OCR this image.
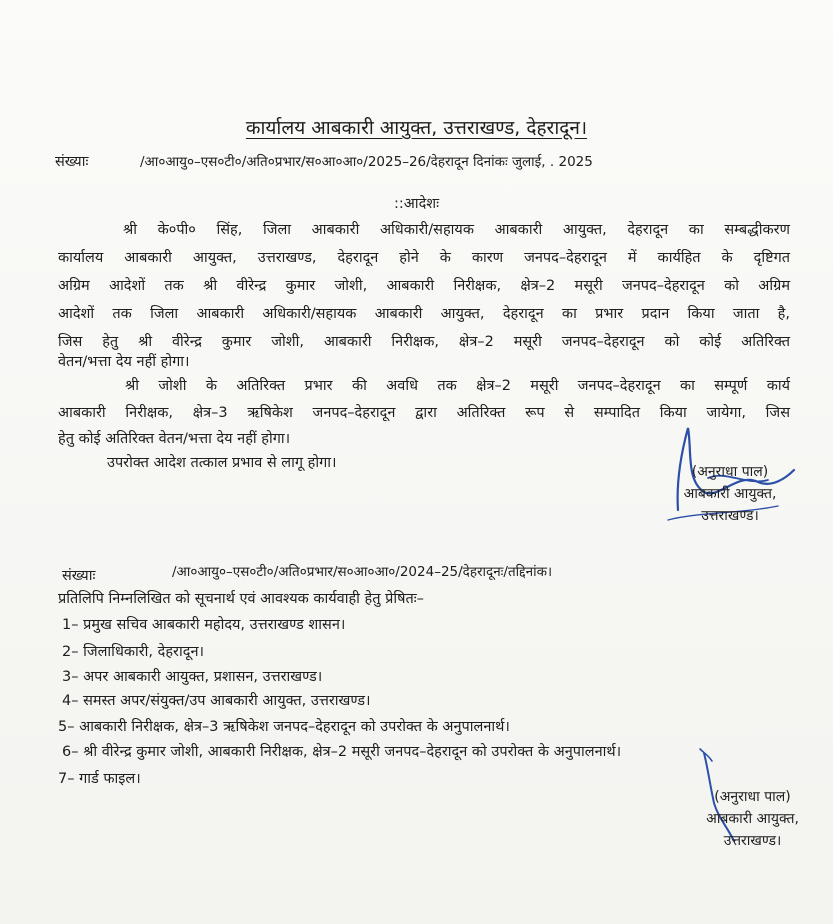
कार्यालय आबकारी आयुक्त, उत्तराखण्ड, देहरादून।
संख्याः	/आ०आयु०–एस०टी०/अति०प्रभार/स०आ०आ०/2025–26/देहरादून दिनांकः जुलाई, . 2025
::आदेशः
श्री के०पी० सिंह, जिला आबकारी अधिकारी/सहायक आबकारी आयुक्त, देहरादून का सम्बद्धीकरण
कार्यालय आबकारी आयुक्त, उत्तराखण्ड, देहरादून होने के कारण जनपद–देहरादून में कार्यहित के दृष्टिगत
अग्रिम आदेशों तक श्री वीरेन्द्र कुमार जोशी, आबकारी निरीक्षक, क्षेत्र–2 मसूरी जनपद–देहरादून को अग्रिम
आदेशों तक जिला आबकारी अधिकारी/सहायक आबकारी आयुक्त, देहरादून का प्रभार प्रदान किया जाता है,
जिस हेतु श्री वीरेन्द्र कुमार जोशी, आबकारी निरीक्षक, क्षेत्र–2 मसूरी जनपद–देहरादून को कोई अतिरिक्त
वेतन/भत्ता देय नहीं होगा।
श्री जोशी के अतिरिक्त प्रभार की अवधि तक क्षेत्र–2 मसूरी जनपद–देहरादून का सम्पूर्ण कार्य
आबकारी निरीक्षक, क्षेत्र–3 ऋषिकेश जनपद–देहरादून द्वारा अतिरिक्त रूप से सम्पादित किया जायेगा, जिस
हेतु कोई अतिरिक्त वेतन/भत्ता देय नहीं होगा।
उपरोक्त आदेश तत्काल प्रभाव से लागू होगा।
(अनुराधा पाल)
आबकारी आयुक्त,
उत्तराखण्ड।
संख्याः	/आ०आयु०–एस०टी०/अति०प्रभार/स०आ०आ०/2024–25/देहरादूनः/तद्दिनांक।
प्रतिलिपि निम्नलिखित को सूचनार्थ एवं आवश्यक कार्यवाही हेतु प्रेषितः–
1– प्रमुख सचिव आबकारी महोदय, उत्तराखण्ड शासन।
2– जिलाधिकारी, देहरादून।
3– अपर आबकारी आयुक्त, प्रशासन, उत्तराखण्ड।
4– समस्त अपर/संयुक्त/उप आबकारी आयुक्त, उत्तराखण्ड।
5– आबकारी निरीक्षक, क्षेत्र–3 ऋषिकेश जनपद–देहरादून को उपरोक्त के अनुपालनार्थ।
6– श्री वीरेन्द्र कुमार जोशी, आबकारी निरीक्षक, क्षेत्र–2 मसूरी जनपद–देहरादून को उपरोक्त के अनुपालनार्थ।
7– गार्ड फाइल।
(अनुराधा पाल)
आबकारी आयुक्त,
उत्तराखण्ड।
